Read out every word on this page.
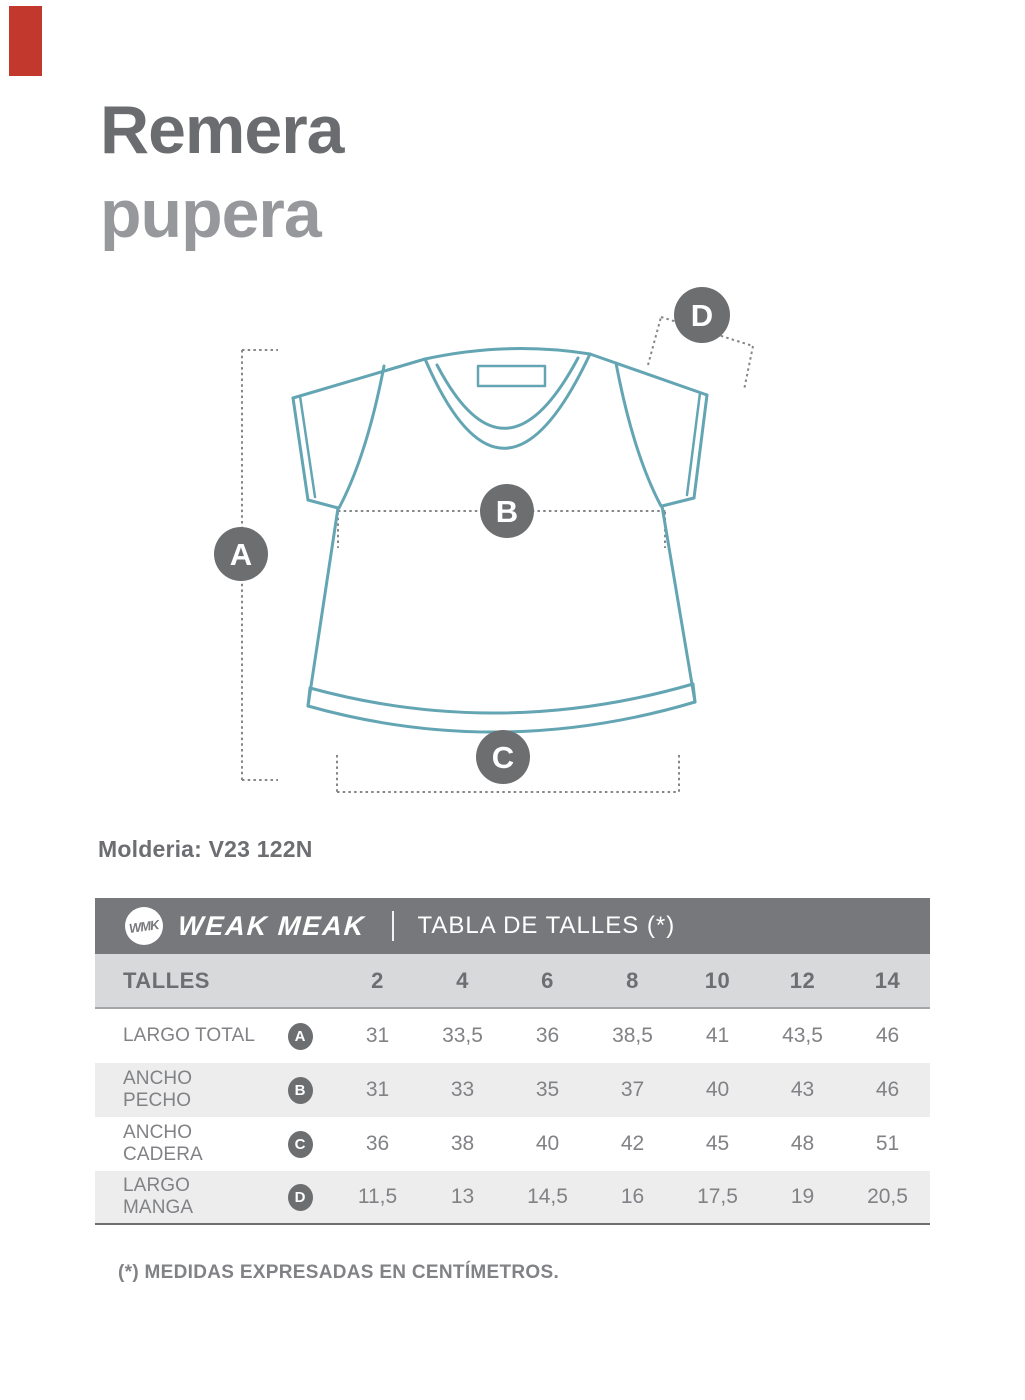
Remera
pupera
A
B
C
D
Molderia: V23 122N
WMK WEAK MEAK TABLA DE TALLES (*)
TALLES	2	4	6	8	10	12	14
LARGO TOTAL	A	31	33,5	36	38,5	41	43,5	46
ANCHO PECHO	B	31	33	35	37	40	43	46
ANCHO CADERA	C	36	38	40	42	45	48	51
LARGO MANGA	D	11,5	13	14,5	16	17,5	19	20,5
(*) MEDIDAS EXPRESADAS EN CENTÍMETROS.
